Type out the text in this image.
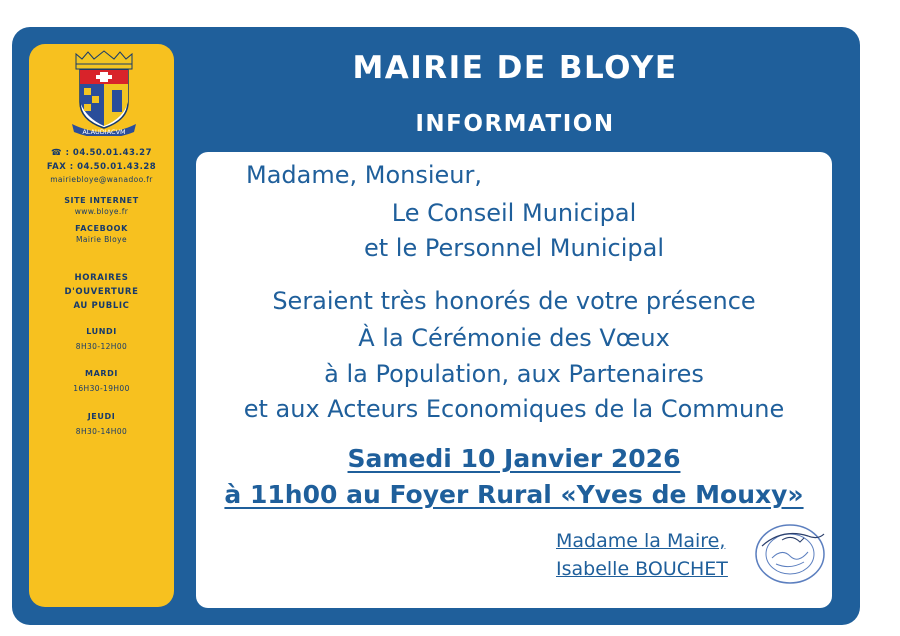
ALAUDIACVM
☎ : 04.50.01.43.27
FAX : 04.50.01.43.28
mairiebloye@wanadoo.fr
SITE INTERNET
www.bloye.fr
FACEBOOK
Mairie Bloye
HORAIRES
D'OUVERTURE
AU PUBLIC
LUNDI
8H30-12H00
MARDI
16H30-19H00
JEUDI
8H30-14H00
MAIRIE DE BLOYE
INFORMATION
Madame, Monsieur,
Le Conseil Municipal
et le Personnel Municipal
Seraient très honorés de votre présence
À la Cérémonie des Vœux
à la Population, aux Partenaires
et aux Acteurs Economiques de la Commune
Samedi 10 Janvier 2026
à 11h00 au Foyer Rural «Yves de Mouxy»
Madame la Maire,
Isabelle BOUCHET
